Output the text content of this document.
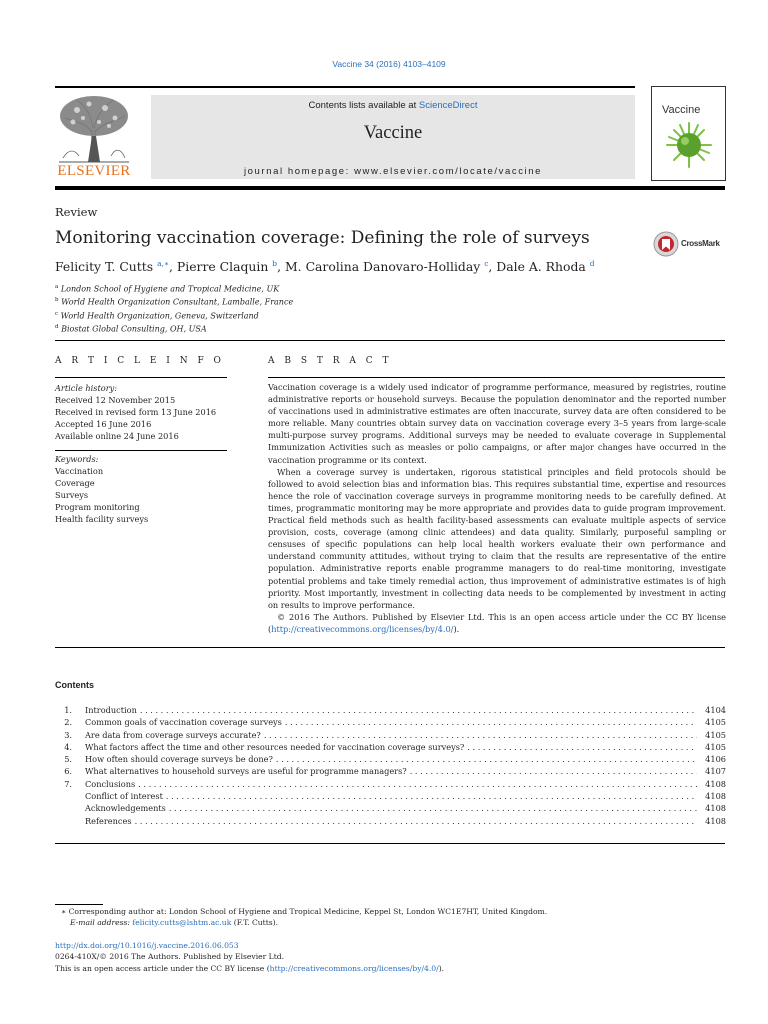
Vaccine 34 (2016) 4103–4109
ELSEVIER
Contents lists available at ScienceDirect
Vaccine
journal homepage: www.elsevier.com/locate/vaccine
Vaccine
Review
Monitoring vaccination coverage: Defining the role of surveys	CrossMark
Felicity T. Cutts $^{a,∗}$, Pierre Claquin $^b$, M. Carolina Danovaro-Holliday $^c$, Dale A. Rhoda $^d$
$^a$ London School of Hygiene and Tropical Medicine, UK
$^b$ World Health Organization Consultant, Lamballe, France
$^c$ World Health Organization, Geneva, Switzerland
$^d$ Biostat Global Consulting, OH, USA
A R T I C L E I N F O	A B S T R A C T
Article history:
Received 12 November 2015
Received in revised form 13 June 2016
Accepted 16 June 2016
Available online 24 June 2016
Keywords:
Vaccination
Coverage
Surveys
Program monitoring
Health facility surveys

Vaccination coverage is a widely used indicator of programme performance, measured by registries, routine administrative reports or household surveys. Because the population denominator and the reported number of vaccinations used in administrative estimates are often inaccurate, survey data are often considered to be more reliable. Many countries obtain survey data on vaccination coverage every 3–5 years from large-scale multi-purpose survey programs. Additional surveys may be needed to evaluate coverage in Supplemental Immunization Activities such as measles or polio campaigns, or after major changes have occurred in the vaccination programme or its context.

When a coverage survey is undertaken, rigorous statistical principles and field protocols should be followed to avoid selection bias and information bias. This requires substantial time, expertise and resources hence the role of vaccination coverage surveys in programme monitoring needs to be carefully defined. At times, programmatic monitoring may be more appropriate and provides data to guide program improvement. Practical field methods such as health facility-based assessments can evaluate multiple aspects of service provision, costs, coverage (among clinic attendees) and data quality. Similarly, purposeful sampling or censuses of specific populations can help local health workers evaluate their own performance and understand community attitudes, without trying to claim that the results are representative of the entire population. Administrative reports enable programme managers to do real-time monitoring, investigate potential problems and take timely remedial action, thus improvement of administrative estimates is of high priority. Most importantly, investment in collecting data needs to be complemented by investment in acting on results to improve performance.

© 2016 The Authors. Published by Elsevier Ltd. This is an open access article under the CC BY license (http://creativecommons.org/licenses/by/4.0/).

Contents
1. Introduction . . .	4104
2. Common goals of vaccination coverage surveys . . .	4105
3. Are data from coverage surveys accurate? . . .	4105
4. What factors affect the time and other resources needed for vaccination coverage surveys? . . .	4105
5. How often should coverage surveys be done? . . .	4106
6. What alternatives to household surveys are useful for programme managers? . . .	4107
7. Conclusions . . .	4108
Conflict of interest . . .	4108
Acknowledgements . . .	4108
References . . .	4108
∗ Corresponding author at: London School of Hygiene and Tropical Medicine, Keppel St, London WC1E7HT, United Kingdom.
E-mail address: felicity.cutts@lshtm.ac.uk (F.T. Cutts).
http://dx.doi.org/10.1016/j.vaccine.2016.06.053
0264-410X/© 2016 The Authors. Published by Elsevier Ltd.
This is an open access article under the CC BY license (http://creativecommons.org/licenses/by/4.0/).
